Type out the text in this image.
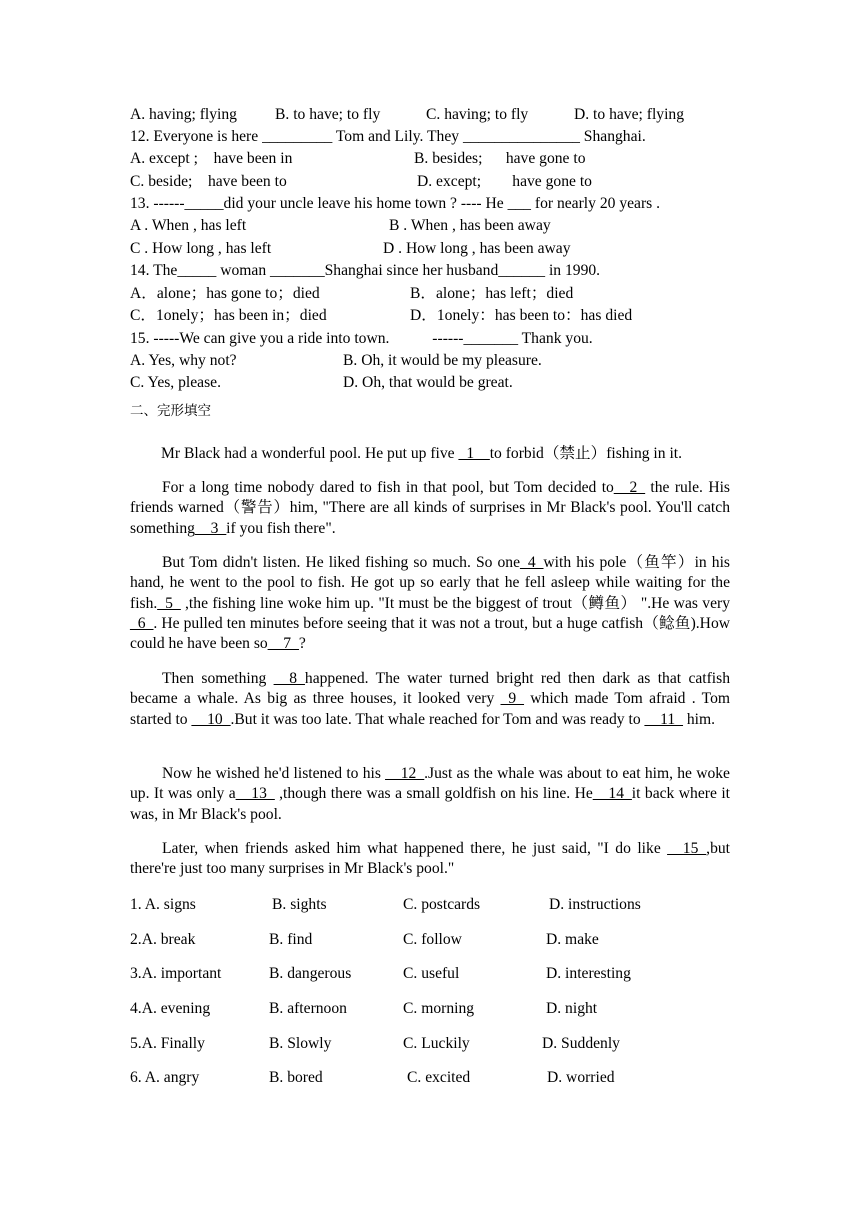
A. having; flying B. to have; to fly	C. having; to fly	D. to have; flying
12. Everyone is here _________ Tom and Lily. They _______________ Shanghai.
A. except ;    have been in	B. besides;      have gone to
C. beside;    have been to	D. except;        have gone to
13. ------_____did your uncle leave his home town ? ---- He ___ for nearly 20 years .
A . When , has left	B . When , has been away
C . How long , has left	D . How long , has been away
14. The_____ woman _______Shanghai since her husband______ in 1990.
A．alone；has gone to；died	B．alone；has left；died
C．1onely；has been in；died	D．1onely：has been to：has died
15. -----We can give you a ride into town.           ------_______ Thank you.
A. Yes, why not?	B. Oh, it would be my pleasure.
C. Yes, please.	D. Oh, that would be great.
二、完形填空

Mr Black had a wonderful pool. He put up five _1__to forbid（禁止）fishing in it.

For a long time nobody dared to fish in that pool, but Tom decided to__2_ the rule. His friends warned（警告）him, "There are all kinds of surprises in Mr Black's pool. You'll catch something__3_if you fish there".

But Tom didn't listen. He liked fishing so much. So one_4_with his pole（鱼竿）in his hand, he went to the pool to fish. He got up so early that he fell asleep while waiting for the fish._5_ ,the fishing line woke him up. "It must be the biggest of trout（鳟鱼） ".He was very _6_. He pulled ten minutes before seeing that it was not a trout, but a huge catfish（鲶鱼).How could he have been so__7_?

Then something __8_happened. The water turned bright red then dark as that catfish became a whale. As big as three houses, it looked very _9_ which made Tom afraid . Tom started to __10_.But it was too late. That whale reached for Tom and was ready to __11_ him.

Now he wished he'd listened to his __12_.Just as the whale was about to eat him, he woke up. It was only a__13_ ,though there was a small goldfish on his line. He__14_it back where it was, in Mr Black's pool.

Later, when friends asked him what happened there, he just said, "I do like __15_,but there're just too many surprises in Mr Black's pool."

1. A. signs	B. sights	C. postcards	D. instructions
2.A. break	B. find	C. follow	D. make
3.A. important	B. dangerous	C. useful	D. interesting
4.A. evening	B. afternoon	C. morning	D. night
5.A. Finally	B. Slowly	C. Luckily	D. Suddenly
6. A. angry	B. bored	C. excited	D. worried
